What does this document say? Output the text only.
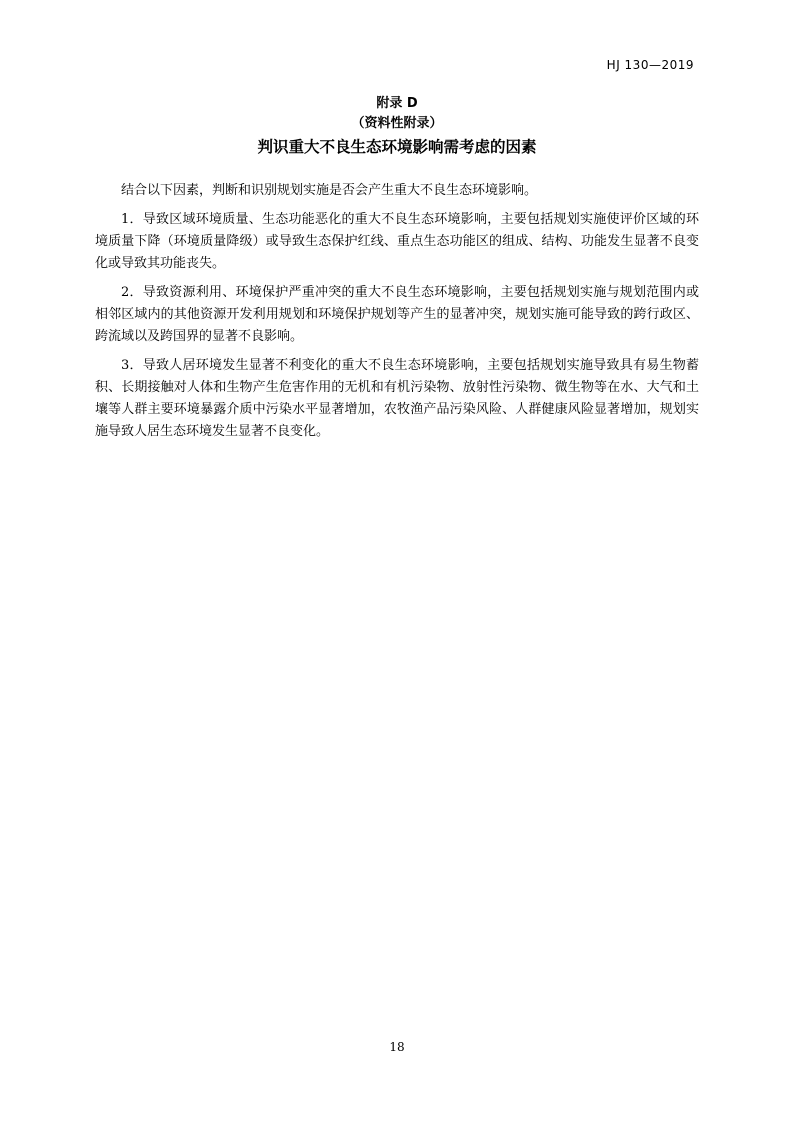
HJ 130—2019
附录 D
（资料性附录）
判识重大不良生态环境影响需考虑的因素

结合以下因素，判断和识别规划实施是否会产生重大不良生态环境影响。

1．导致区域环境质量、生态功能恶化的重大不良生态环境影响，主要包括规划实施使评价区域的环境质量下降（环境质量降级）或导致生态保护红线、重点生态功能区的组成、结构、功能发生显著不良变化或导致其功能丧失。

2．导致资源利用、环境保护严重冲突的重大不良生态环境影响，主要包括规划实施与规划范围内或相邻区域内的其他资源开发利用规划和环境保护规划等产生的显著冲突，规划实施可能导致的跨行政区、跨流域以及跨国界的显著不良影响。

3．导致人居环境发生显著不利变化的重大不良生态环境影响，主要包括规划实施导致具有易生物蓄积、长期接触对人体和生物产生危害作用的无机和有机污染物、放射性污染物、微生物等在水、大气和土壤等人群主要环境暴露介质中污染水平显著增加，农牧渔产品污染风险、人群健康风险显著增加，规划实施导致人居生态环境发生显著不良变化。

18
